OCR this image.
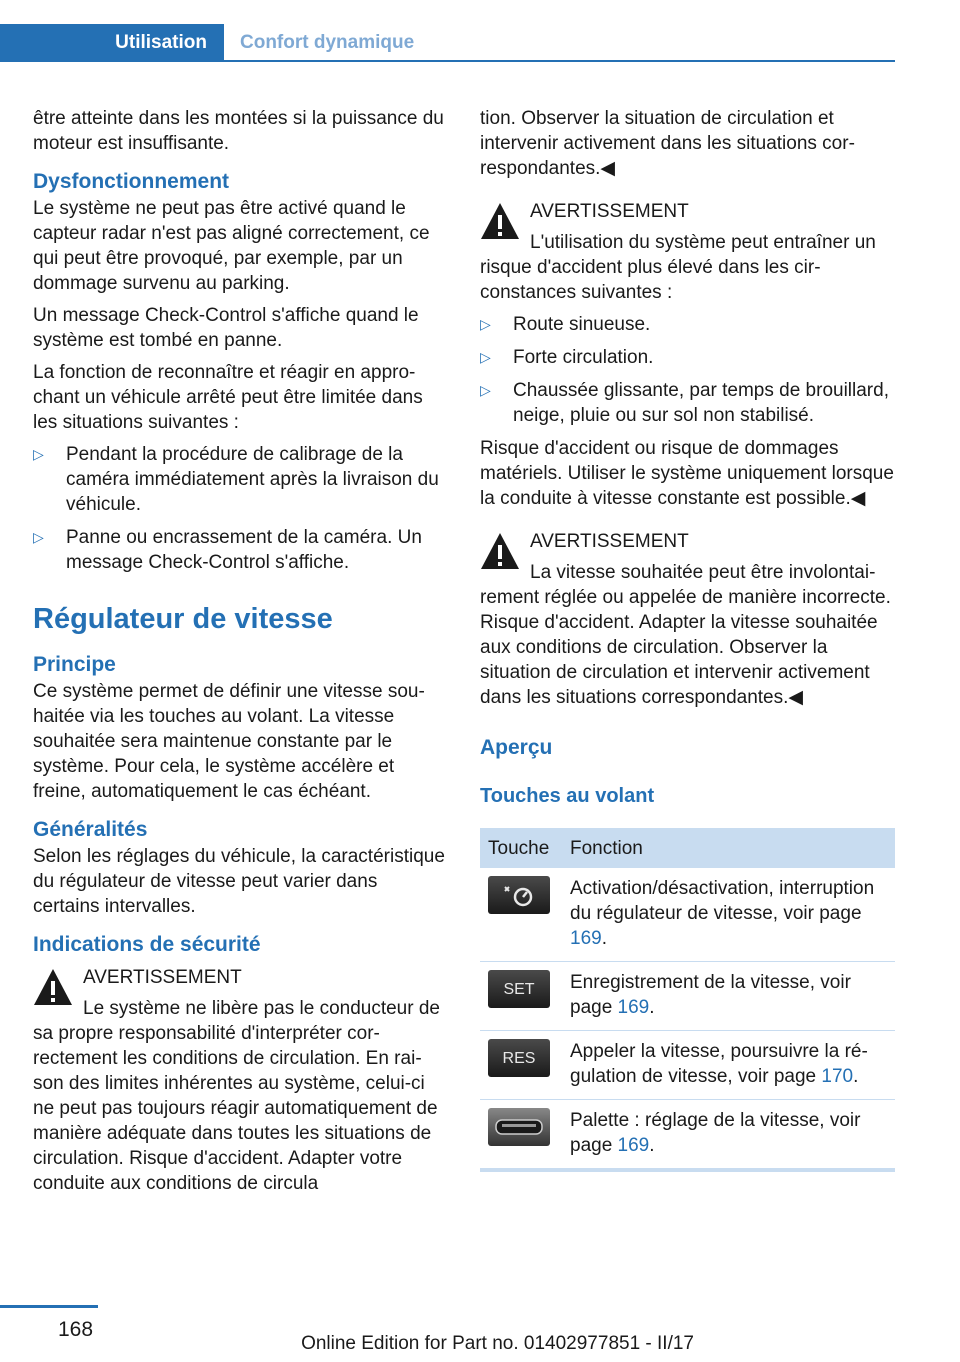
Utilisation	Confort dynamique

être atteinte dans les montées si la puissance du moteur est insuffisante.

Dysfonctionnement

Le système ne peut pas être activé quand le capteur radar n'est pas aligné correctement, ce qui peut être provoqué, par exemple, par un dommage survenu au parking.

Un message Check-Control s'affiche quand le système est tombé en panne.

La fonction de reconnaître et réagir en approchant un véhicule arrêté peut être limitée dans les situations suivantes :

▷ Pendant la procédure de calibrage de la caméra immédiatement après la livraison du véhicule.
▷ Panne ou encrassement de la caméra. Un message Check-Control s'affiche.
Régulateur de vitesse
Principe

Ce système permet de définir une vitesse souhaitée via les touches au volant. La vitesse souhaitée sera maintenue constante par le système. Pour cela, le système accélère et freine, automatiquement le cas échéant.

Généralités

Selon les réglages du véhicule, la caractéristique du régulateur de vitesse peut varier dans certains intervalles.

Indications de sécurité
AVERTISSEMENT
Le système ne libère pas le conducteur de sa propre responsabilité d'interpréter correctement les conditions de circulation. En raison des limites inhérentes au système, celui-ci ne peut pas toujours réagir automatiquement de manière adéquate dans toutes les situations de circulation. Risque d'accident. Adapter votre conduite aux conditions de circula

tion. Observer la situation de circulation et intervenir activement dans les situations correspondantes.◀

AVERTISSEMENT
L'utilisation du système peut entraîner un risque d'accident plus élevé dans les circonstances suivantes :
▷ Route sinueuse.
▷ Forte circulation.
▷ Chaussée glissante, par temps de brouillard, neige, pluie ou sur sol non stabilisé.

Risque d'accident ou risque de dommages matériels. Utiliser le système uniquement lorsque la conduite à vitesse constante est possible.◀

AVERTISSEMENT
La vitesse souhaitée peut être involontairement réglée ou appelée de manière incorrecte. Risque d'accident. Adapter la vitesse souhaitée aux conditions de circulation. Observer la situation de circulation et intervenir activement dans les situations correspondantes.◀
Aperçu
Touches au volant
Touche	Fonction

	Activation/désactivation, interruption du régulateur de vitesse, voir page 169.

SET	Enregistrement de la vitesse, voir page 169.

RES	Appeler la vitesse, poursuivre la régulation de vitesse, voir page 170.

	Palette : réglage de la vitesse, voir page 169.
168
Online Edition for Part no. 01402977851 - II/17
